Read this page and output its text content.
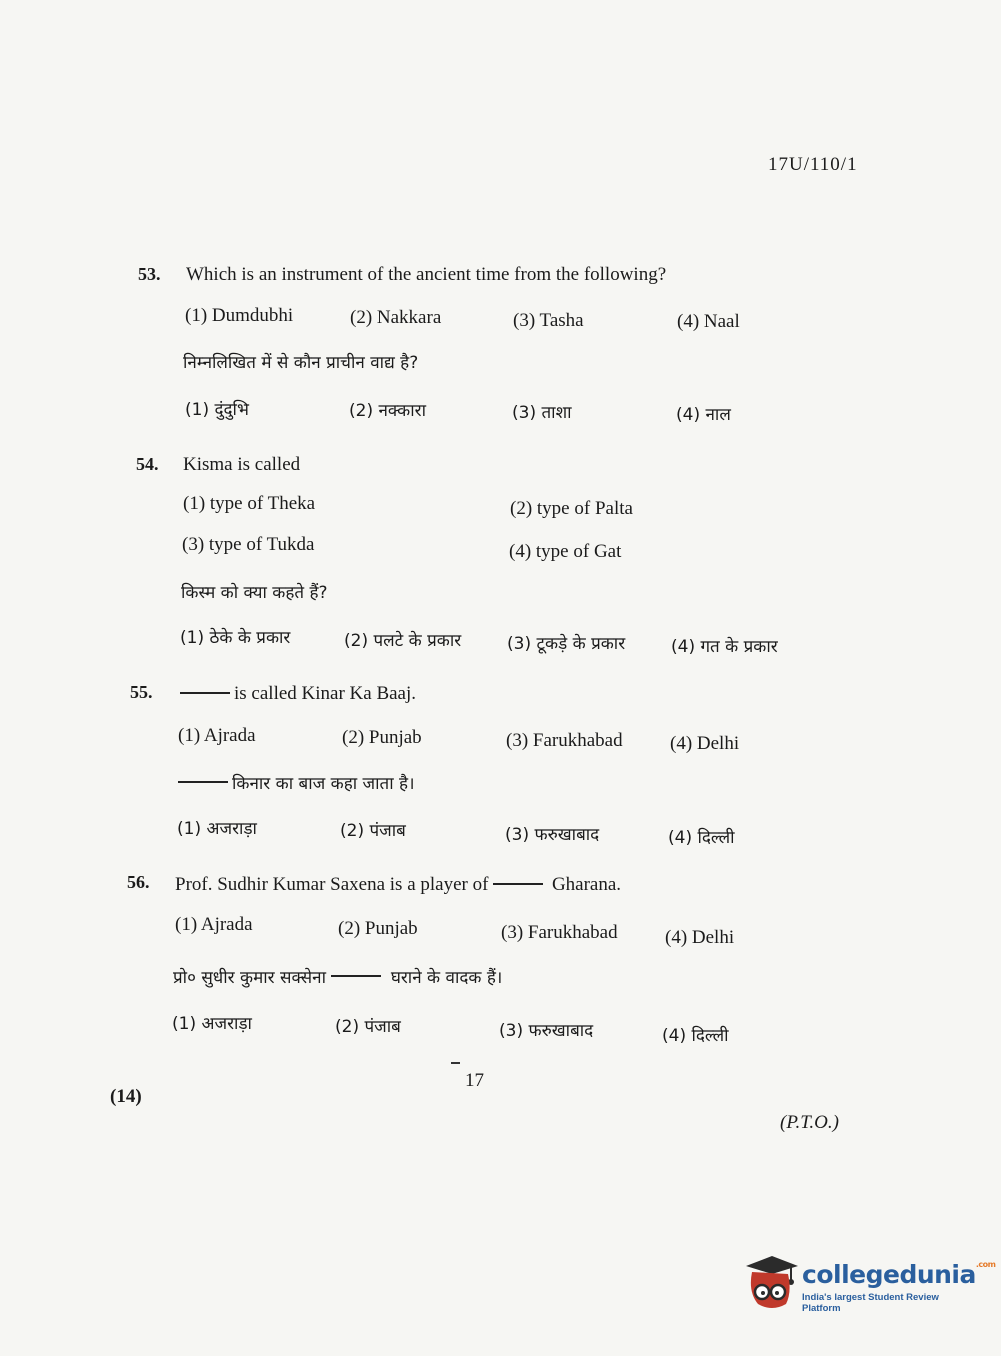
17U/110/1
53. Which is an instrument of the ancient time from the following?
(1) Dumdubhi	(2) Nakkara	(3) Tasha	(4) Naal
निम्नलिखित में से कौन प्राचीन वाद्य है?
(1) दुंदुभि	(2) नक्कारा	(3) ताशा	(4) नाल
54. Kisma is called
(1) type of Theka	(2) type of Palta
(3) type of Tukda	(4) type of Gat
किस्म को क्या कहते हैं?
(1) ठेके के प्रकार	(2) पलटे के प्रकार	(3) टूकड़े के प्रकार	(4) गत के प्रकार
55.	is called Kinar Ka Baaj.
(1) Ajrada	(2) Punjab	(3) Farukhabad (4) Delhi
किनार का बाज कहा जाता है।
(1) अजराड़ा	(2) पंजाब	(3) फरुखाबाद	(4) दिल्ली
56. Prof. Sudhir Kumar Saxena is a player of	Gharana.
(1) Ajrada	(2) Punjab	(3) Farukhabad (4) Delhi
प्रो० सुधीर कुमार सक्सेना	घराने के वादक हैं।
(1) अजराड़ा	(2) पंजाब	(3) फरुखाबाद	(4) दिल्ली
17
(14)
(P.T.O.)
collegedunia$^{.com}$
India's largest Student Review Platform
